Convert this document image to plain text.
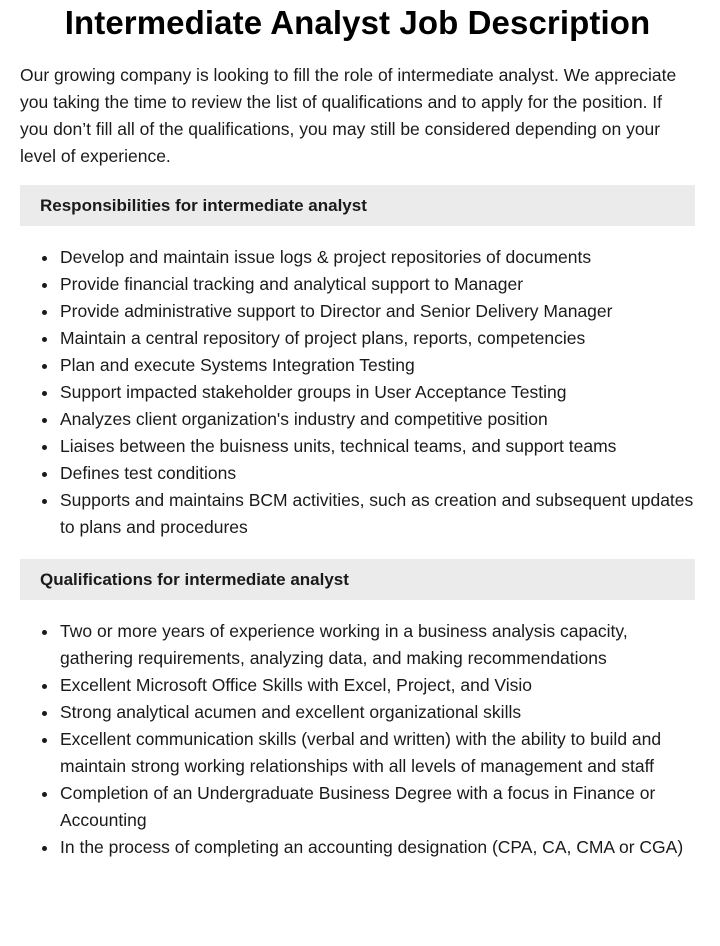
Intermediate Analyst Job Description

Our growing company is looking to fill the role of intermediate analyst. We appreciate you taking the time to review the list of qualifications and to apply for the position. If you don’t fill all of the qualifications, you may still be considered depending on your level of experience.

Responsibilities for intermediate analyst
Develop and maintain issue logs & project repositories of documents
Provide financial tracking and analytical support to Manager
Provide administrative support to Director and Senior Delivery Manager
Maintain a central repository of project plans, reports, competencies
Plan and execute Systems Integration Testing
Support impacted stakeholder groups in User Acceptance Testing
Analyzes client organization's industry and competitive position
Liaises between the buisness units, technical teams, and support teams
Defines test conditions
Supports and maintains BCM activities, such as creation and subsequent updates to plans and procedures
Qualifications for intermediate analyst
Two or more years of experience working in a business analysis capacity, gathering requirements, analyzing data, and making recommendations
Excellent Microsoft Office Skills with Excel, Project, and Visio
Strong analytical acumen and excellent organizational skills
Excellent communication skills (verbal and written) with the ability to build and maintain strong working relationships with all levels of management and staff
Completion of an Undergraduate Business Degree with a focus in Finance or Accounting
In the process of completing an accounting designation (CPA, CA, CMA or CGA)
